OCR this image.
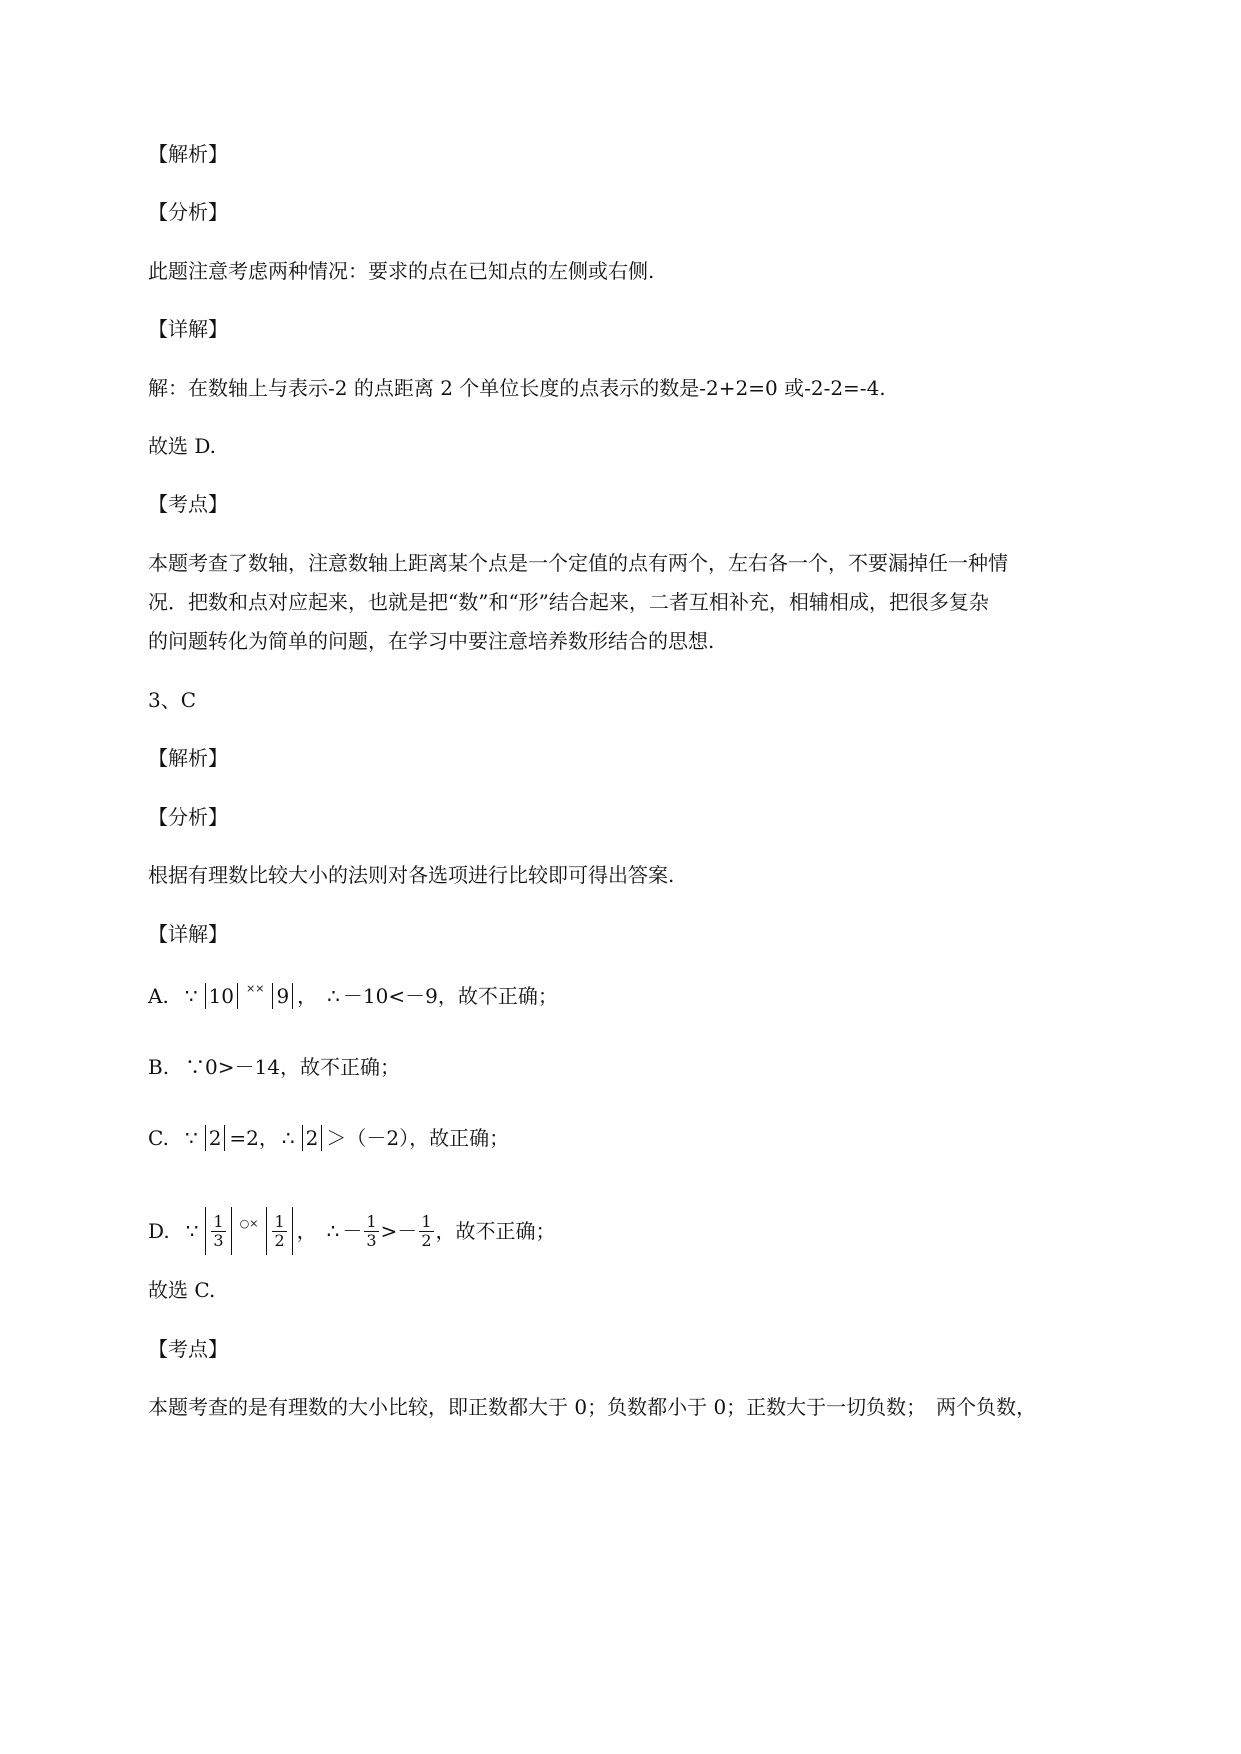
【解析】
【分析】
此题注意考虑两种情况：要求的点在已知点的左侧或右侧.
【详解】
解：在数轴上与表示-2 的点距离 2 个单位长度的点表示的数是-2+2=0 或-2-2=-4.
故选 D.
【考点】
本题考查了数轴，注意数轴上距离某个点是一个定值的点有两个，左右各一个，不要漏掉任一种情
况．把数和点对应起来，也就是把“数”和“形”结合起来，二者互相补充，相辅相成，把很多复杂
的问题转化为简单的问题，在学习中要注意培养数形结合的思想.
3、C
【解析】
【分析】
根据有理数比较大小的法则对各选项进行比较即可得出答案.
【详解】
A. ∵ 10 ×× 9 ， ∴ －10<－9，故不正确；
B. ∵0>－14，故不正确；
C. ∵ 2 =2， ∴ 2 ＞（－2），故正确；
D. ∵ $\frac{1}{3}$ ○× $\frac{1}{2}$ ， ∴ － $\frac{1}{3} >- \frac{1}{2}$ ，故不正确；
故选 C.
【考点】
本题考查的是有理数的大小比较，即正数都大于 0；负数都小于 0；正数大于一切负数；　两个负数，
